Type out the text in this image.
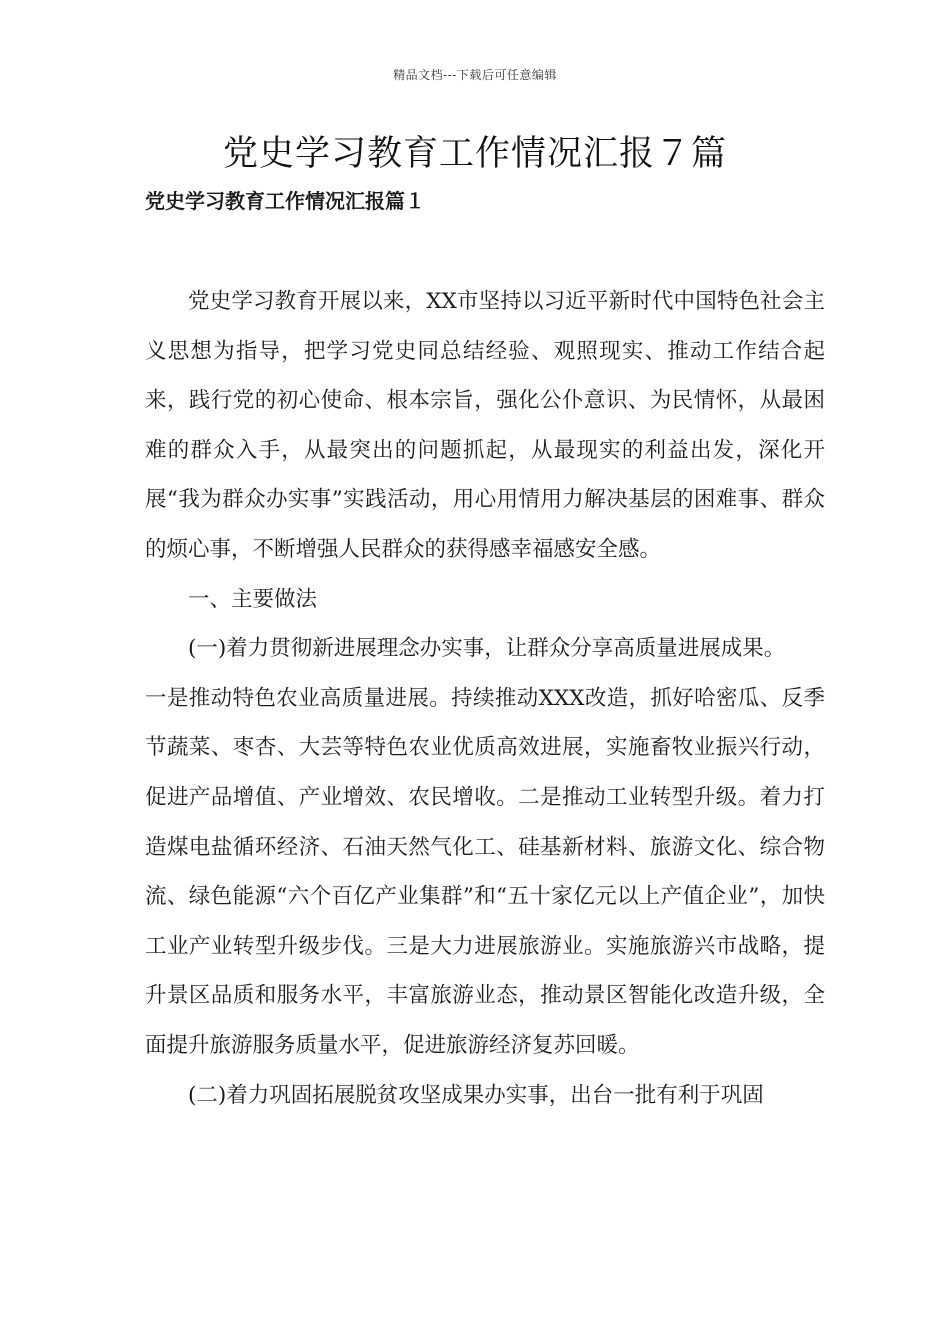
精品文档---下载后可任意编辑
党史学习教育工作情况汇报７篇
党史学习教育工作情况汇报篇１

党史学习教育开展以来，XX市坚持以习近平新时代中国特色社会主义思想为指导，把学习党史同总结经验、观照现实、推动工作结合起来，践行党的初心使命、根本宗旨，强化公仆意识、为民情怀，从最困难的群众入手，从最突出的问题抓起，从最现实的利益出发，深化开展“我为群众办实事”实践活动，用心用情用力解决基层的困难事、群众的烦心事，不断增强人民群众的获得感幸福感安全感。

一、主要做法

(一)着力贯彻新进展理念办实事，让群众分享高质量进展成果。

一是推动特色农业高质量进展。持续推动XXX改造，抓好哈密瓜、反季节蔬菜、枣杏、大芸等特色农业优质高效进展，实施畜牧业振兴行动，促进产品增值、产业增效、农民增收。二是推动工业转型升级。着力打造煤电盐循环经济、石油天然气化工、硅基新材料、旅游文化、综合物流、绿色能源“六个百亿产业集群”和“五十家亿元以上产值企业”，加快工业产业转型升级步伐。三是大力进展旅游业。实施旅游兴市战略，提升景区品质和服务水平，丰富旅游业态，推动景区智能化改造升级，全面提升旅游服务质量水平，促进旅游经济复苏回暖。

(二)着力巩固拓展脱贫攻坚成果办实事，出台一批有利于巩固
